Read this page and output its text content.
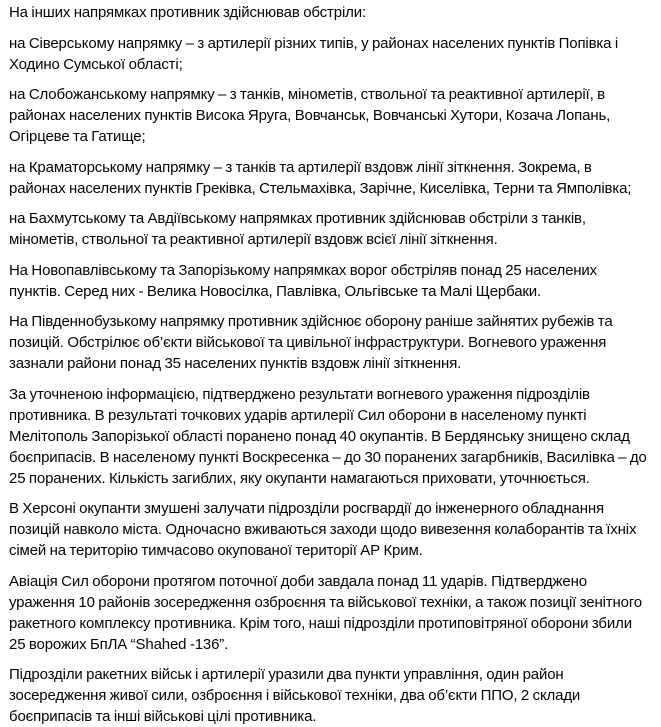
На інших напрямках противник здійснював обстріли:

на Сіверському напрямку – з артилерії різних типів, у районах населених пунктів Попівка і Ходино Сумської області;

на Слобожанському напрямку – з танків, мінометів, ствольної та реактивної артилерії, в районах населених пунктів Висока Яруга, Вовчанськ, Вовчанські Хутори, Козача Лопань, Огірцеве та Гатище;

на Краматорському напрямку – з танків та артилерії вздовж лінії зіткнення. Зокрема, в районах населених пунктів Греківка, Стельмахівка, Зарічне, Киселівка, Терни та Ямполівка;

на Бахмутському та Авдіївському напрямках противник здійснював обстріли з танків, мінометів, ствольної та реактивної артилерії вздовж всієї лінії зіткнення.

На Новопавлівському та Запорізькому напрямках ворог обстріляв понад 25 населених пунктів. Серед них - Велика Новосілка, Павлівка, Ольгівське та Малі Щербаки.

На Південнобузькому напрямку противник здійснює оборону раніше зайнятих рубежів та позицій. Обстрілює об’єкти військової та цивільної інфраструктури. Вогневого ураження зазнали райони понад 35 населених пунктів вздовж лінії зіткнення.

За уточненою інформацією, підтверджено результати вогневого ураження підрозділів противника. В результаті точкових ударів артилерії Сил оборони в населеному пункті Мелітополь Запорізької області поранено понад 40 окупантів. В Бердянську знищено склад боєприпасів. В населеному пункті Воскресенка – до 30 поранених загарбників, Василівка – до 25 поранених. Кількість загиблих, яку окупанти намагаються приховати, уточнюється.

В Херсоні окупанти змушені залучати підрозділи росгвардії до інженерного обладнання позицій навколо міста. Одночасно вживаються заходи щодо вивезення колаборантів та їхніх сімей на територію тимчасово окупованої території АР Крим.

Авіація Сил оборони протягом поточної доби завдала понад 11 ударів. Підтверджено ураження 10 районів зосередження озброєння та військової техніки, а також позиції зенітного ракетного комплексу противника. Крім того, наші підрозділи протиповітряної оборони збили 25 ворожих БпЛА “Shahed -136”.

Підрозділи ракетних військ і артилерії уразили два пункти управління, один район зосередження живої сили, озброєння і військової техніки, два об’єкти ППО, 2 склади боєприпасів та інші військові цілі противника.
